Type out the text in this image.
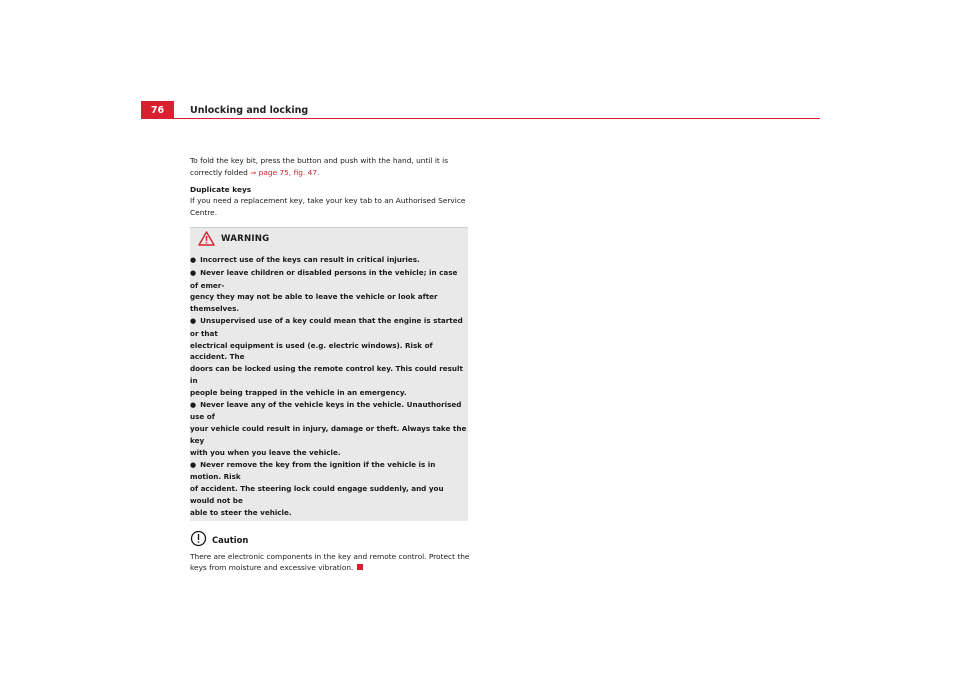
76	Unlocking and locking
To fold the key bit, press the button and push with the hand, until it is
correctly folded ⇒ page 75, fig. 47.
Duplicate keys
If you need a replacement key, take your key tab to an Authorised Service
Centre.
WARNING
● Incorrect use of the keys can result in critical injuries.
● Never leave children or disabled persons in the vehicle; in case of emer-
gency they may not be able to leave the vehicle or look after themselves.
● Unsupervised use of a key could mean that the engine is started or that
electrical equipment is used (e.g. electric windows). Risk of accident. The
doors can be locked using the remote control key. This could result in
people being trapped in the vehicle in an emergency.
● Never leave any of the vehicle keys in the vehicle. Unauthorised use of
your vehicle could result in injury, damage or theft. Always take the key
with you when you leave the vehicle.
● Never remove the key from the ignition if the vehicle is in motion. Risk
of accident. The steering lock could engage suddenly, and you would not be
able to steer the vehicle.
Caution
There are electronic components in the key and remote control. Protect the
keys from moisture and excessive vibration.
